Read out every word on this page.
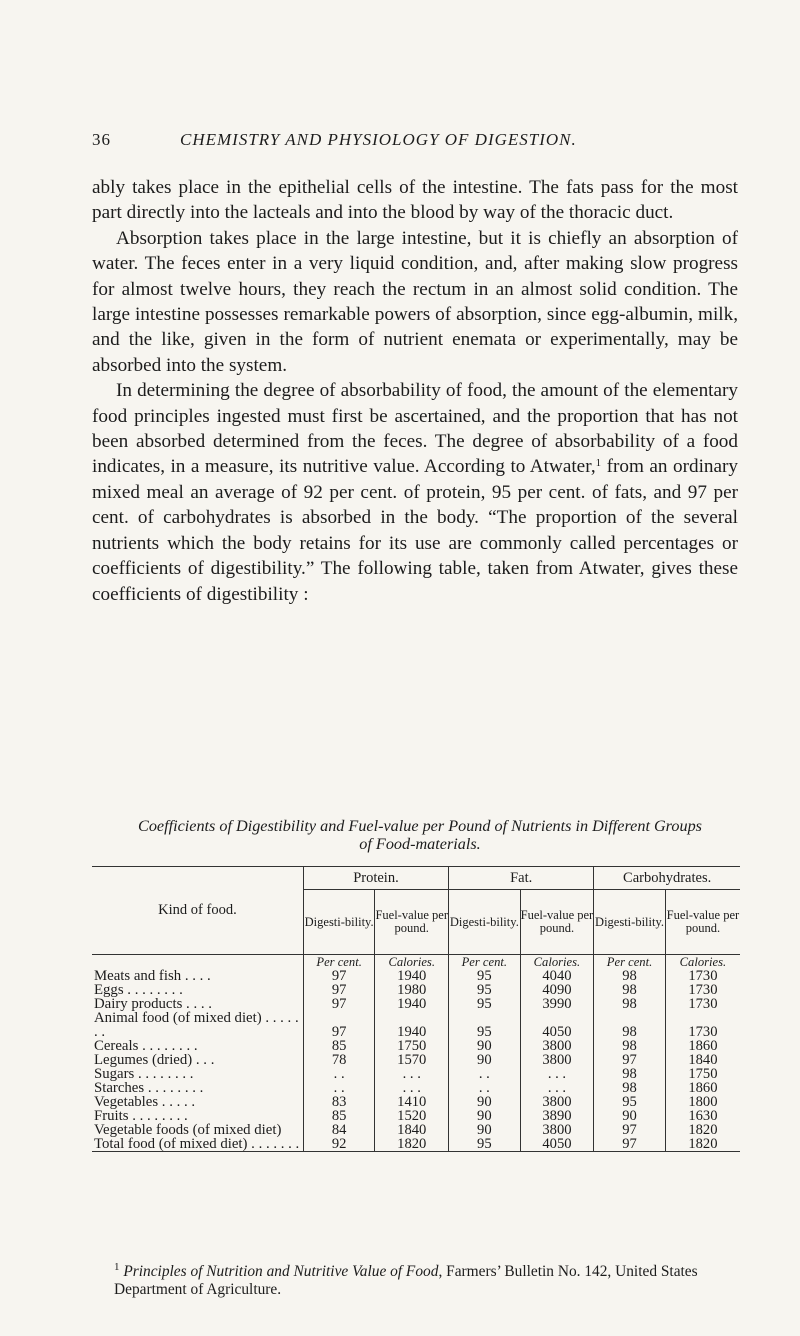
36	CHEMISTRY AND PHYSIOLOGY OF DIGESTION.

ably takes place in the epithelial cells of the intestine. The fats pass for the most part directly into the lacteals and into the blood by way of the thoracic duct.

Absorption takes place in the large intestine, but it is chiefly an absorption of water. The feces enter in a very liquid condition, and, after making slow progress for almost twelve hours, they reach the rectum in an almost solid condition. The large intestine possesses remarkable powers of absorption, since egg-albumin, milk, and the like, given in the form of nutrient enemata or experimentally, may be absorbed into the system.

In determining the degree of absorbability of food, the amount of the elementary food principles ingested must first be ascertained, and the proportion that has not been absorbed determined from the feces. The degree of absorbability of a food indicates, in a measure, its nutritive value. According to Atwater,$^1$ from an ordinary mixed meal an average of 92 per cent. of protein, 95 per cent. of fats, and 97 per cent. of carbohydrates is absorbed in the body. “The proportion of the several nutrients which the body retains for its use are commonly called percentages or coefficients of digestibility.” The following table, taken from Atwater, gives these coefficients of digestibility :

Coefficients of Digestibility and Fuel-value per Pound of Nutrients in Different Groups of Food-materials.
Kind of food.	Protein.		Fat.		Carbohydrates.	
	Digesti-bility.	Fuel-value per pound.	Digesti-bility.	Fuel-value per pound.	Digesti-bility.	Fuel-value per pound.
	Per cent.	Calories.	Per cent.	Calories.	Per cent.	Calories.
Meats and fish . . . .	97	1940	95	4040	98	1730
Eggs . . . . . . . .	97	1980	95	4090	98	1730
Dairy products . . . .	97	1940	95	3990	98	1730
Animal food (of mixed diet) . . . . . . .	97	1940	95	4050	98	1730
Cereals . . . . . . . .	85	1750	90	3800	98	1860
Legumes (dried) . . .	78	1570	90	3800	97	1840
Sugars . . . . . . . .	. .	. . .	. .	. . .	98	1750
Starches . . . . . . . .	. .	. . .	. .	. . .	98	1860
Vegetables . . . . .	83	1410	90	3800	95	1800
Fruits . . . . . . . .	85	1520	90	3890	90	1630
Vegetable foods (of mixed diet)	84	1840	90	3800	97	1820
Total food (of mixed diet) . . . . . . .	92	1820	95	4050	97	1820
$^1$ Principles of Nutrition and Nutritive Value of Food, Farmers’ Bulletin No. 142, United States Department of Agriculture.
